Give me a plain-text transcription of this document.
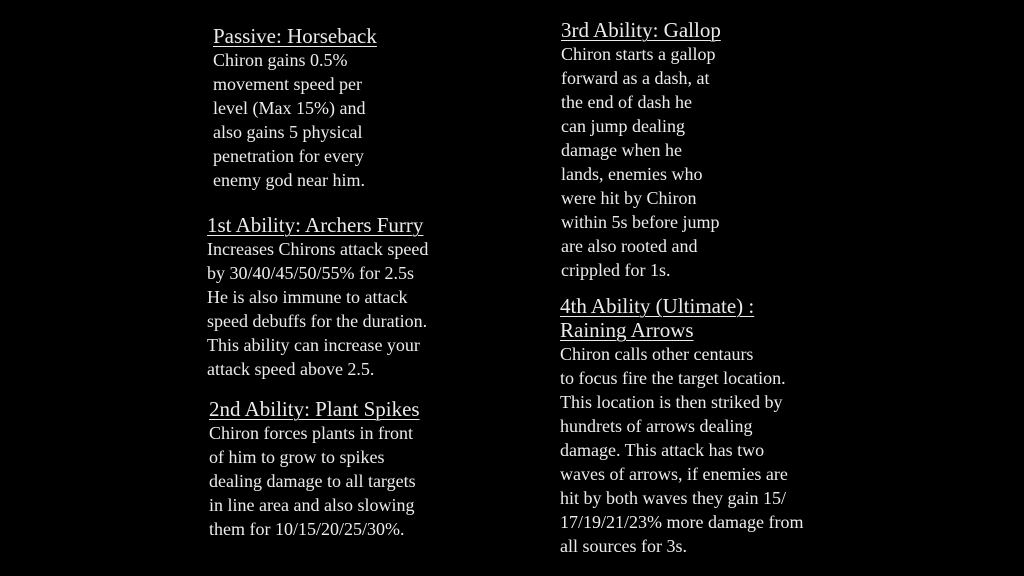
Passive: Horseback
Chiron gains 0.5%
movement speed per
level (Max 15%) and
also gains 5 physical
penetration for every
enemy god near him.
1st Ability: Archers Furry
Increases Chirons attack speed
by 30/40/45/50/55% for 2.5s
He is also immune to attack
speed debuffs for the duration.
This ability can increase your
attack speed above 2.5.
2nd Ability: Plant Spikes
Chiron forces plants in front
of him to grow to spikes
dealing damage to all targets
in line area and also slowing
them for 10/15/20/25/30%.
3rd Ability: Gallop
Chiron starts a gallop
forward as a dash, at
the end of dash he
can jump dealing
damage when he
lands, enemies who
were hit by Chiron
within 5s before jump
are also rooted and
crippled for 1s.
4th Ability (Ultimate) :
Raining Arrows
Chiron calls other centaurs
to focus fire the target location.
This location is then striked by
hundrets of arrows dealing
damage. This attack has two
waves of arrows, if enemies are
hit by both waves they gain 15/
17/19/21/23% more damage from
all sources for 3s.
